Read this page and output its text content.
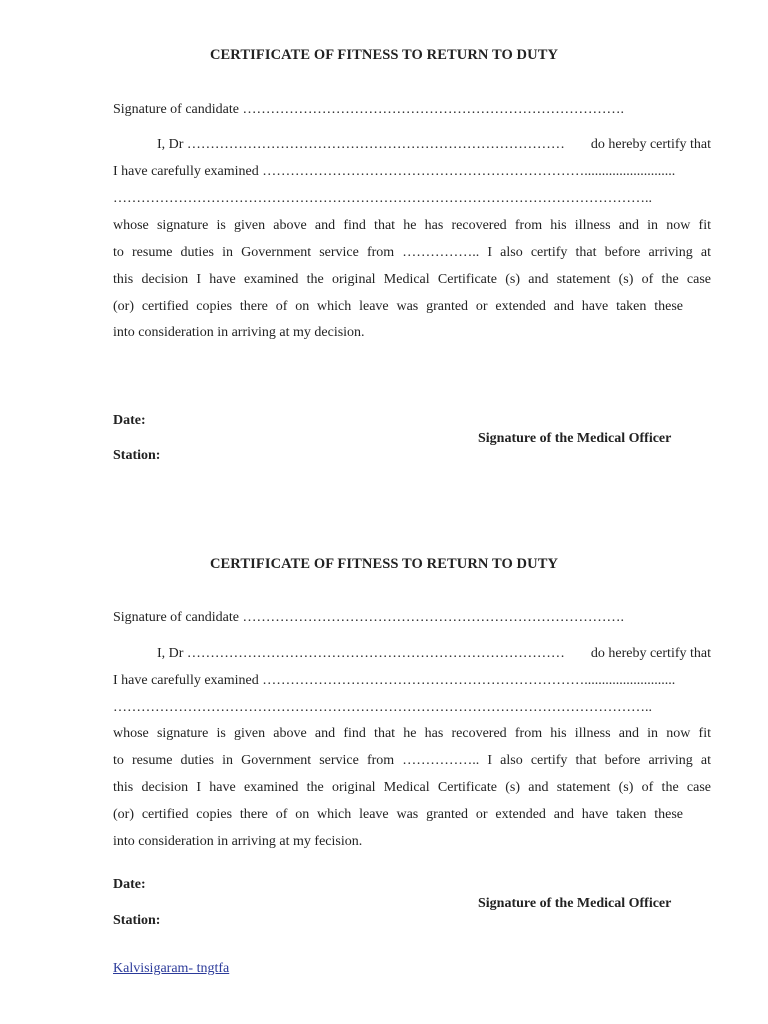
CERTIFICATE OF FITNESS TO RETURN TO DUTY
Signature of candidate ……………………………………………………………………….
I, Dr ……………………………………………………………………… do hereby certify that
I have carefully examined ……………………………………………………………..........................
……………………………………………………………………………………………………..
whose signature is given above and find that he has recovered from his illness and in now fit
to resume duties in Government service from …………….. I also certify that before arriving at
this decision I have examined the original Medical Certificate (s) and statement (s) of the case
(or) certified copies there of on which leave was granted or extended and have taken these
into consideration in arriving at my decision.
Date:
Signature of the Medical Officer
Station:
CERTIFICATE OF FITNESS TO RETURN TO DUTY
Signature of candidate ……………………………………………………………………….
I, Dr ……………………………………………………………………… do hereby certify that
I have carefully examined ……………………………………………………………..........................
……………………………………………………………………………………………………..
whose signature is given above and find that he has recovered from his illness and in now fit
to resume duties in Government service from …………….. I also certify that before arriving at
this decision I have examined the original Medical Certificate (s) and statement (s) of the case
(or) certified copies there of on which leave was granted or extended and have taken these
into consideration in arriving at my fecision.
Date:
Signature of the Medical Officer
Station:
Kalvisigaram- tngtfa
